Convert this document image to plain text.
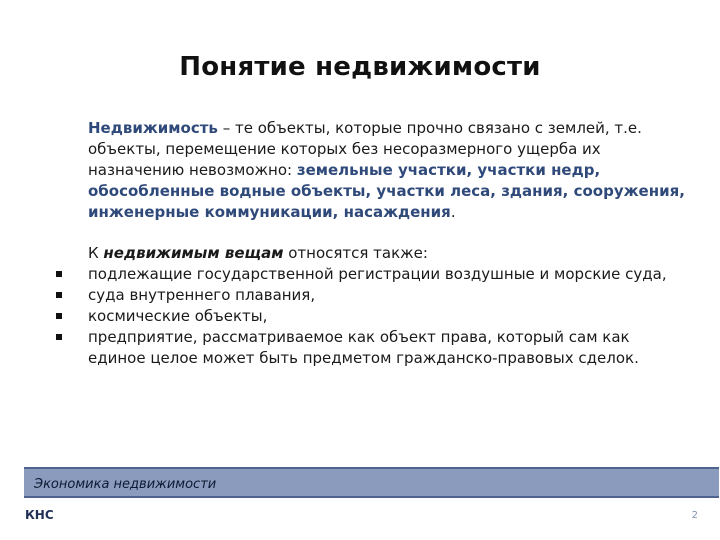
Понятие недвижимости

Недвижимость – те объекты, которые прочно связано с землей, т.е. объекты, перемещение которых без несоразмерного ущерба их назначению невозможно: земельные участки, участки недр, обособленные водные объекты, участки леса, здания, сооружения, инженерные коммуникации, насаждения.

К недвижимым вещам относятся также:

подлежащие государственной регистрации воздушные и морские суда,
суда внутреннего плавания,
космические объекты,
предприятие, рассматриваемое как объект права, который сам как единое целое может быть предметом гражданско-правовых сделок.
Экономика недвижимости
КНС	2
